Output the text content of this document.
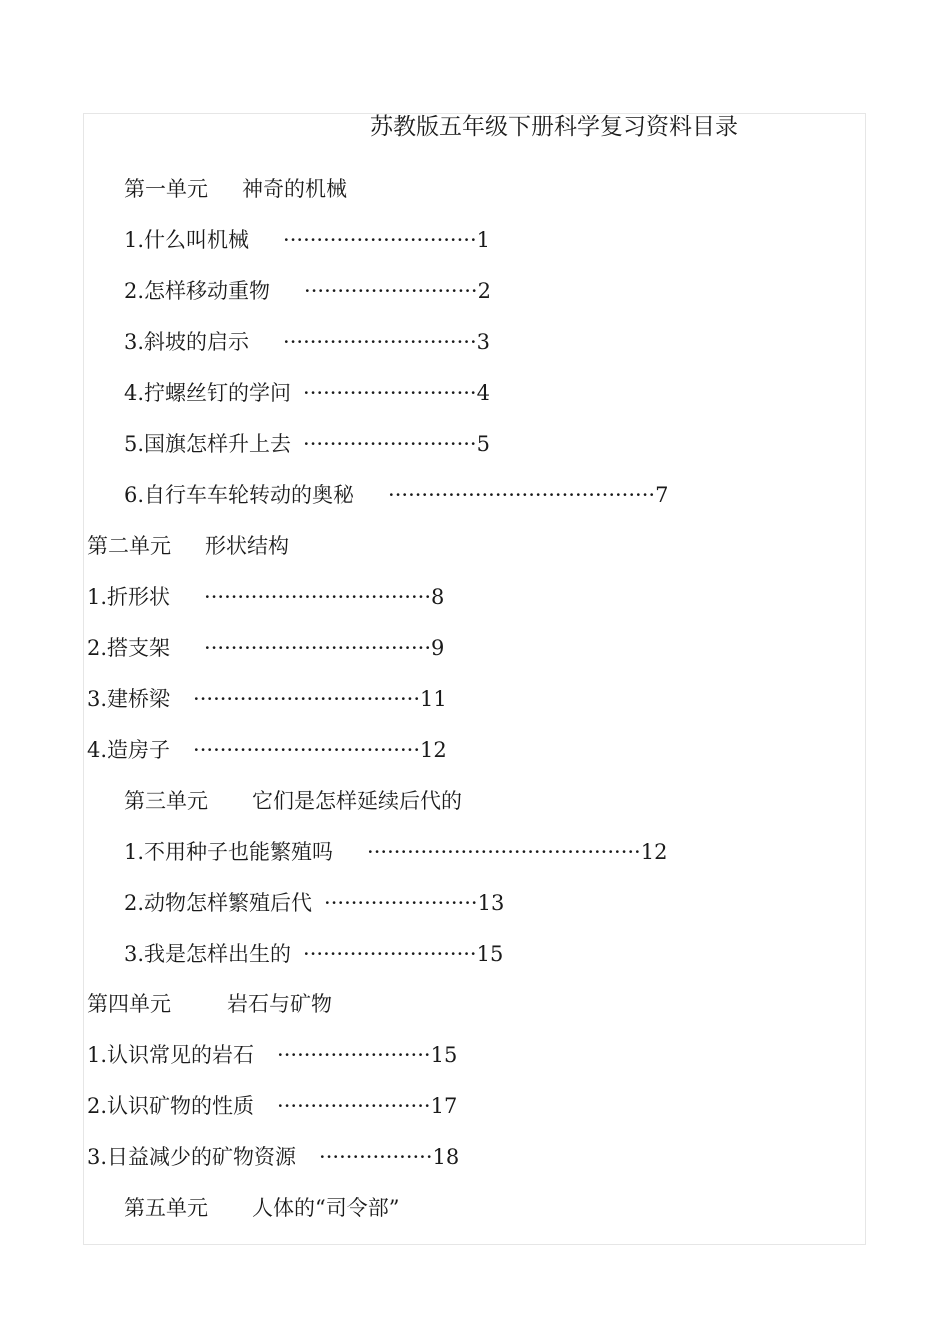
苏教版五年级下册科学复习资料目录
第一单元 神奇的机械
1.什么叫机械 ·····························1
2.怎样移动重物 ··························2
3.斜坡的启示 ·····························3
4.拧螺丝钉的学问 ··························4
5.国旗怎样升上去 ··························5
6.自行车车轮转动的奥秘 ········································7
第二单元 形状结构
1.折形状 ··································8
2.搭支架 ··································9
3.建桥梁 ··································11
4.造房子 ··································12
第三单元 它们是怎样延续后代的
1.不用种子也能繁殖吗 ·········································12
2.动物怎样繁殖后代 ·······················13
3.我是怎样出生的 ··························15
第四单元	岩石与矿物
1.认识常见的岩石 ·······················15
2.认识矿物的性质 ·······················17
3.日益减少的矿物资源 ·················18
第五单元 人体的“司令部”
